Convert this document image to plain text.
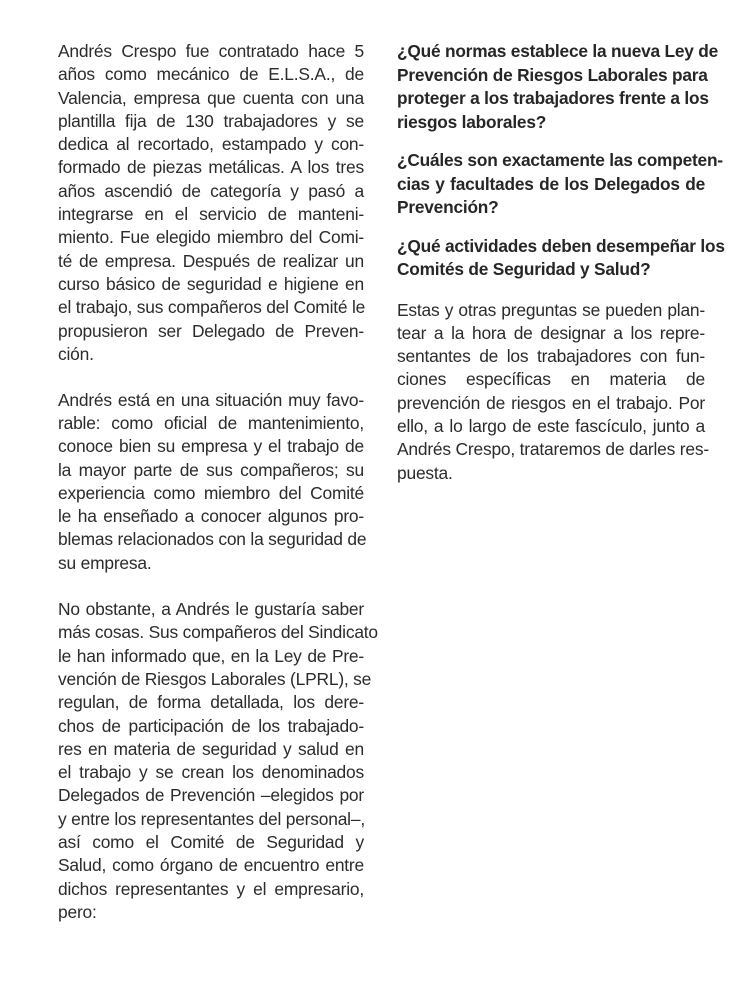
Andrés Crespo fue contratado hace 5
años como mecánico de E.L.S.A., de
Valencia, empresa que cuenta con una
plantilla fija de 130 trabajadores y se
dedica al recortado, estampado y con-
formado de piezas metálicas. A los tres
años ascendió de categoría y pasó a
integrarse en el servicio de manteni-
miento. Fue elegido miembro del Comi-
té de empresa. Después de realizar un
curso básico de seguridad e higiene en
el trabajo, sus compañeros del Comité le
propusieron ser Delegado de Preven-
ción.

Andrés está en una situación muy favo-
rable: como oficial de mantenimiento,
conoce bien su empresa y el trabajo de
la mayor parte de sus compañeros; su
experiencia como miembro del Comité
le ha enseñado a conocer algunos pro-
blemas relacionados con la seguridad de
su empresa.

No obstante, a Andrés le gustaría saber
más cosas. Sus compañeros del Sindicato
le han informado que, en la Ley de Pre-
vención de Riesgos Laborales (LPRL), se
regulan, de forma detallada, los dere-
chos de participación de los trabajado-
res en materia de seguridad y salud en
el trabajo y se crean los denominados
Delegados de Prevención –elegidos por
y entre los representantes del personal–,
así como el Comité de Seguridad y
Salud, como órgano de encuentro entre
dichos representantes y el empresario,
pero:

¿Qué normas establece la nueva Ley de
Prevención de Riesgos Laborales para
proteger a los trabajadores frente a los
riesgos laborales?

¿Cuáles son exactamente las competen-
cias y facultades de los Delegados de
Prevención?

¿Qué actividades deben desempeñar los
Comités de Seguridad y Salud?

Estas y otras preguntas se pueden plan-
tear a la hora de designar a los repre-
sentantes de los trabajadores con fun-
ciones específicas en materia de
prevención de riesgos en el trabajo. Por
ello, a lo largo de este fascículo, junto a
Andrés Crespo, trataremos de darles res-
puesta.
